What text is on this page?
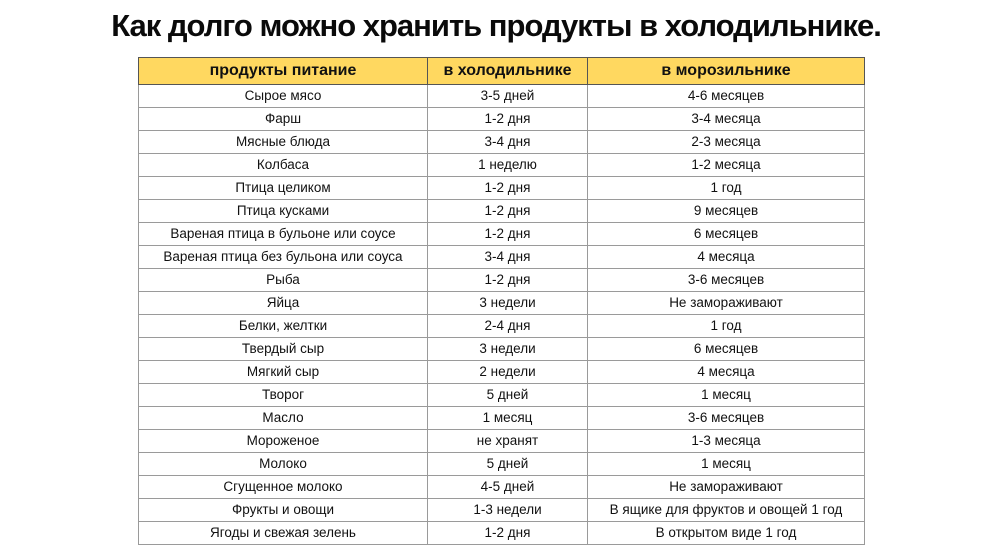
Как долго можно хранить продукты в холодильнике.
продукты питание	в холодильнике	в морозильнике
Сырое мясо	3-5 дней	4-6 месяцев
Фарш	1-2 дня	3-4 месяца
Мясные блюда	3-4 дня	2-3 месяца
Колбаса	1 неделю	1-2 месяца
Птица целиком	1-2 дня	1 год
Птица кусками	1-2 дня	9 месяцев
Вареная птица в бульоне или соусе	1-2 дня	6 месяцев
Вареная птица без бульона или соуса	3-4 дня	4 месяца
Рыба	1-2 дня	3-6 месяцев
Яйца	3 недели	Не замораживают
Белки, желтки	2-4 дня	1 год
Твердый сыр	3 недели	6 месяцев
Мягкий сыр	2 недели	4 месяца
Творог	5 дней	1 месяц
Масло	1 месяц	3-6 месяцев
Мороженое	не хранят	1-3 месяца
Молоко	5 дней	1 месяц
Сгущенное молоко	4-5 дней	Не замораживают
Фрукты и овощи	1-3 недели	В ящике для фруктов и овощей 1 год
Ягоды и свежая зелень	1-2 дня	В открытом виде 1 год
